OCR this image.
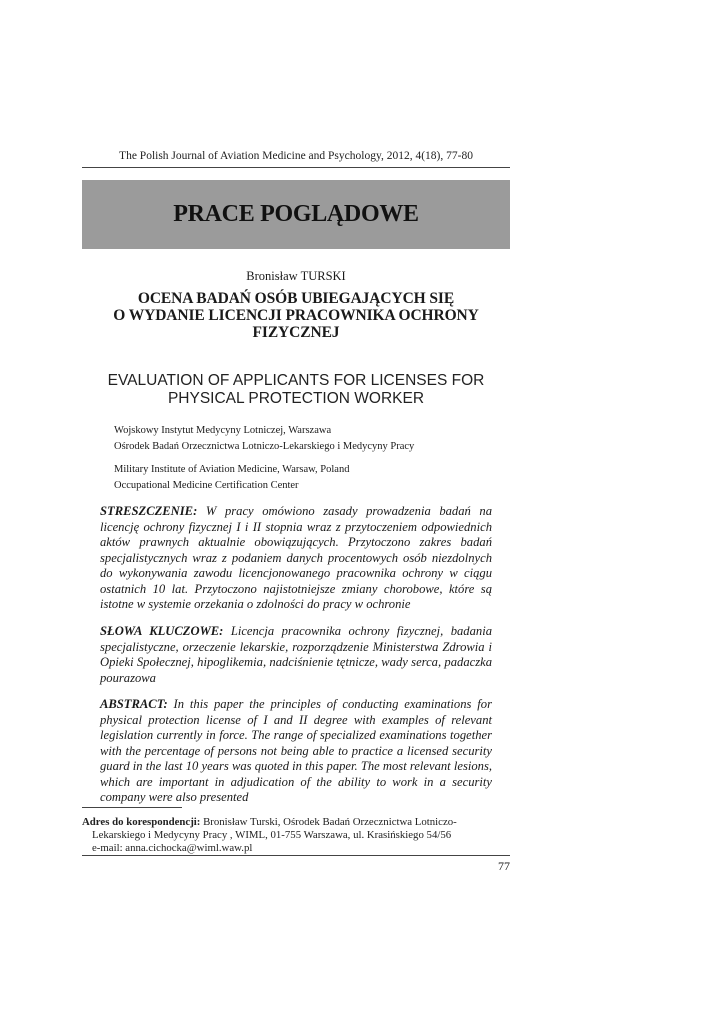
The Polish Journal of Aviation Medicine and Psychology, 2012, 4(18), 77-80
PRACE POGLĄDOWE
Bronisław TURSKI
OCENA BADAŃ OSÓB UBIEGAJĄCYCH SIĘ
O WYDANIE LICENCJI PRACOWNIKA OCHRONY
FIZYCZNEJ
EVALUATION OF APPLICANTS FOR LICENSES FOR
PHYSICAL PROTECTION WORKER
Wojskowy Instytut Medycyny Lotniczej, Warszawa
Ośrodek Badań Orzecznictwa Lotniczo-Lekarskiego i Medycyny Pracy
Military Institute of Aviation Medicine, Warsaw, Poland
Occupational Medicine Certification Center
STRESZCZENIE: W pracy omówiono zasady prowadzenia badań na licencję ochrony fizycznej I i II stopnia wraz z przytoczeniem odpowiednich aktów prawnych aktualnie obowiązujących. Przytoczono zakres badań specjalistycznych wraz z podaniem danych procentowych osób niezdolnych do wykonywania zawodu licencjonowanego pracownika ochrony w ciągu ostatnich 10 lat. Przytoczono najistotniejsze zmiany chorobowe, które są istotne w systemie orzekania o zdolności do pracy w ochronie
SŁOWA KLUCZOWE: Licencja pracownika ochrony fizycznej, badania specjalistyczne, orzeczenie lekarskie, rozporządzenie Ministerstwa Zdrowia i Opieki Społecznej, hipoglikemia, nadciśnienie tętnicze, wady serca, padaczka pourazowa
ABSTRACT: In this paper the principles of conducting examinations for physical protection license of I and II degree with examples of relevant legislation currently in force. The range of specialized examinations together with the percentage of persons not being able to practice a licensed security guard in the last 10 years was quoted in this paper. The most relevant lesions, which are important in adjudication of the ability to work in a security company were also presented
Adres do korespondencji: Bronisław Turski, Ośrodek Badań Orzecznictwa Lotniczo-
Lekarskiego i Medycyny Pracy , WIML, 01-755 Warszawa, ul. Krasińskiego 54/56
e-mail: anna.cichocka@wiml.waw.pl
77
